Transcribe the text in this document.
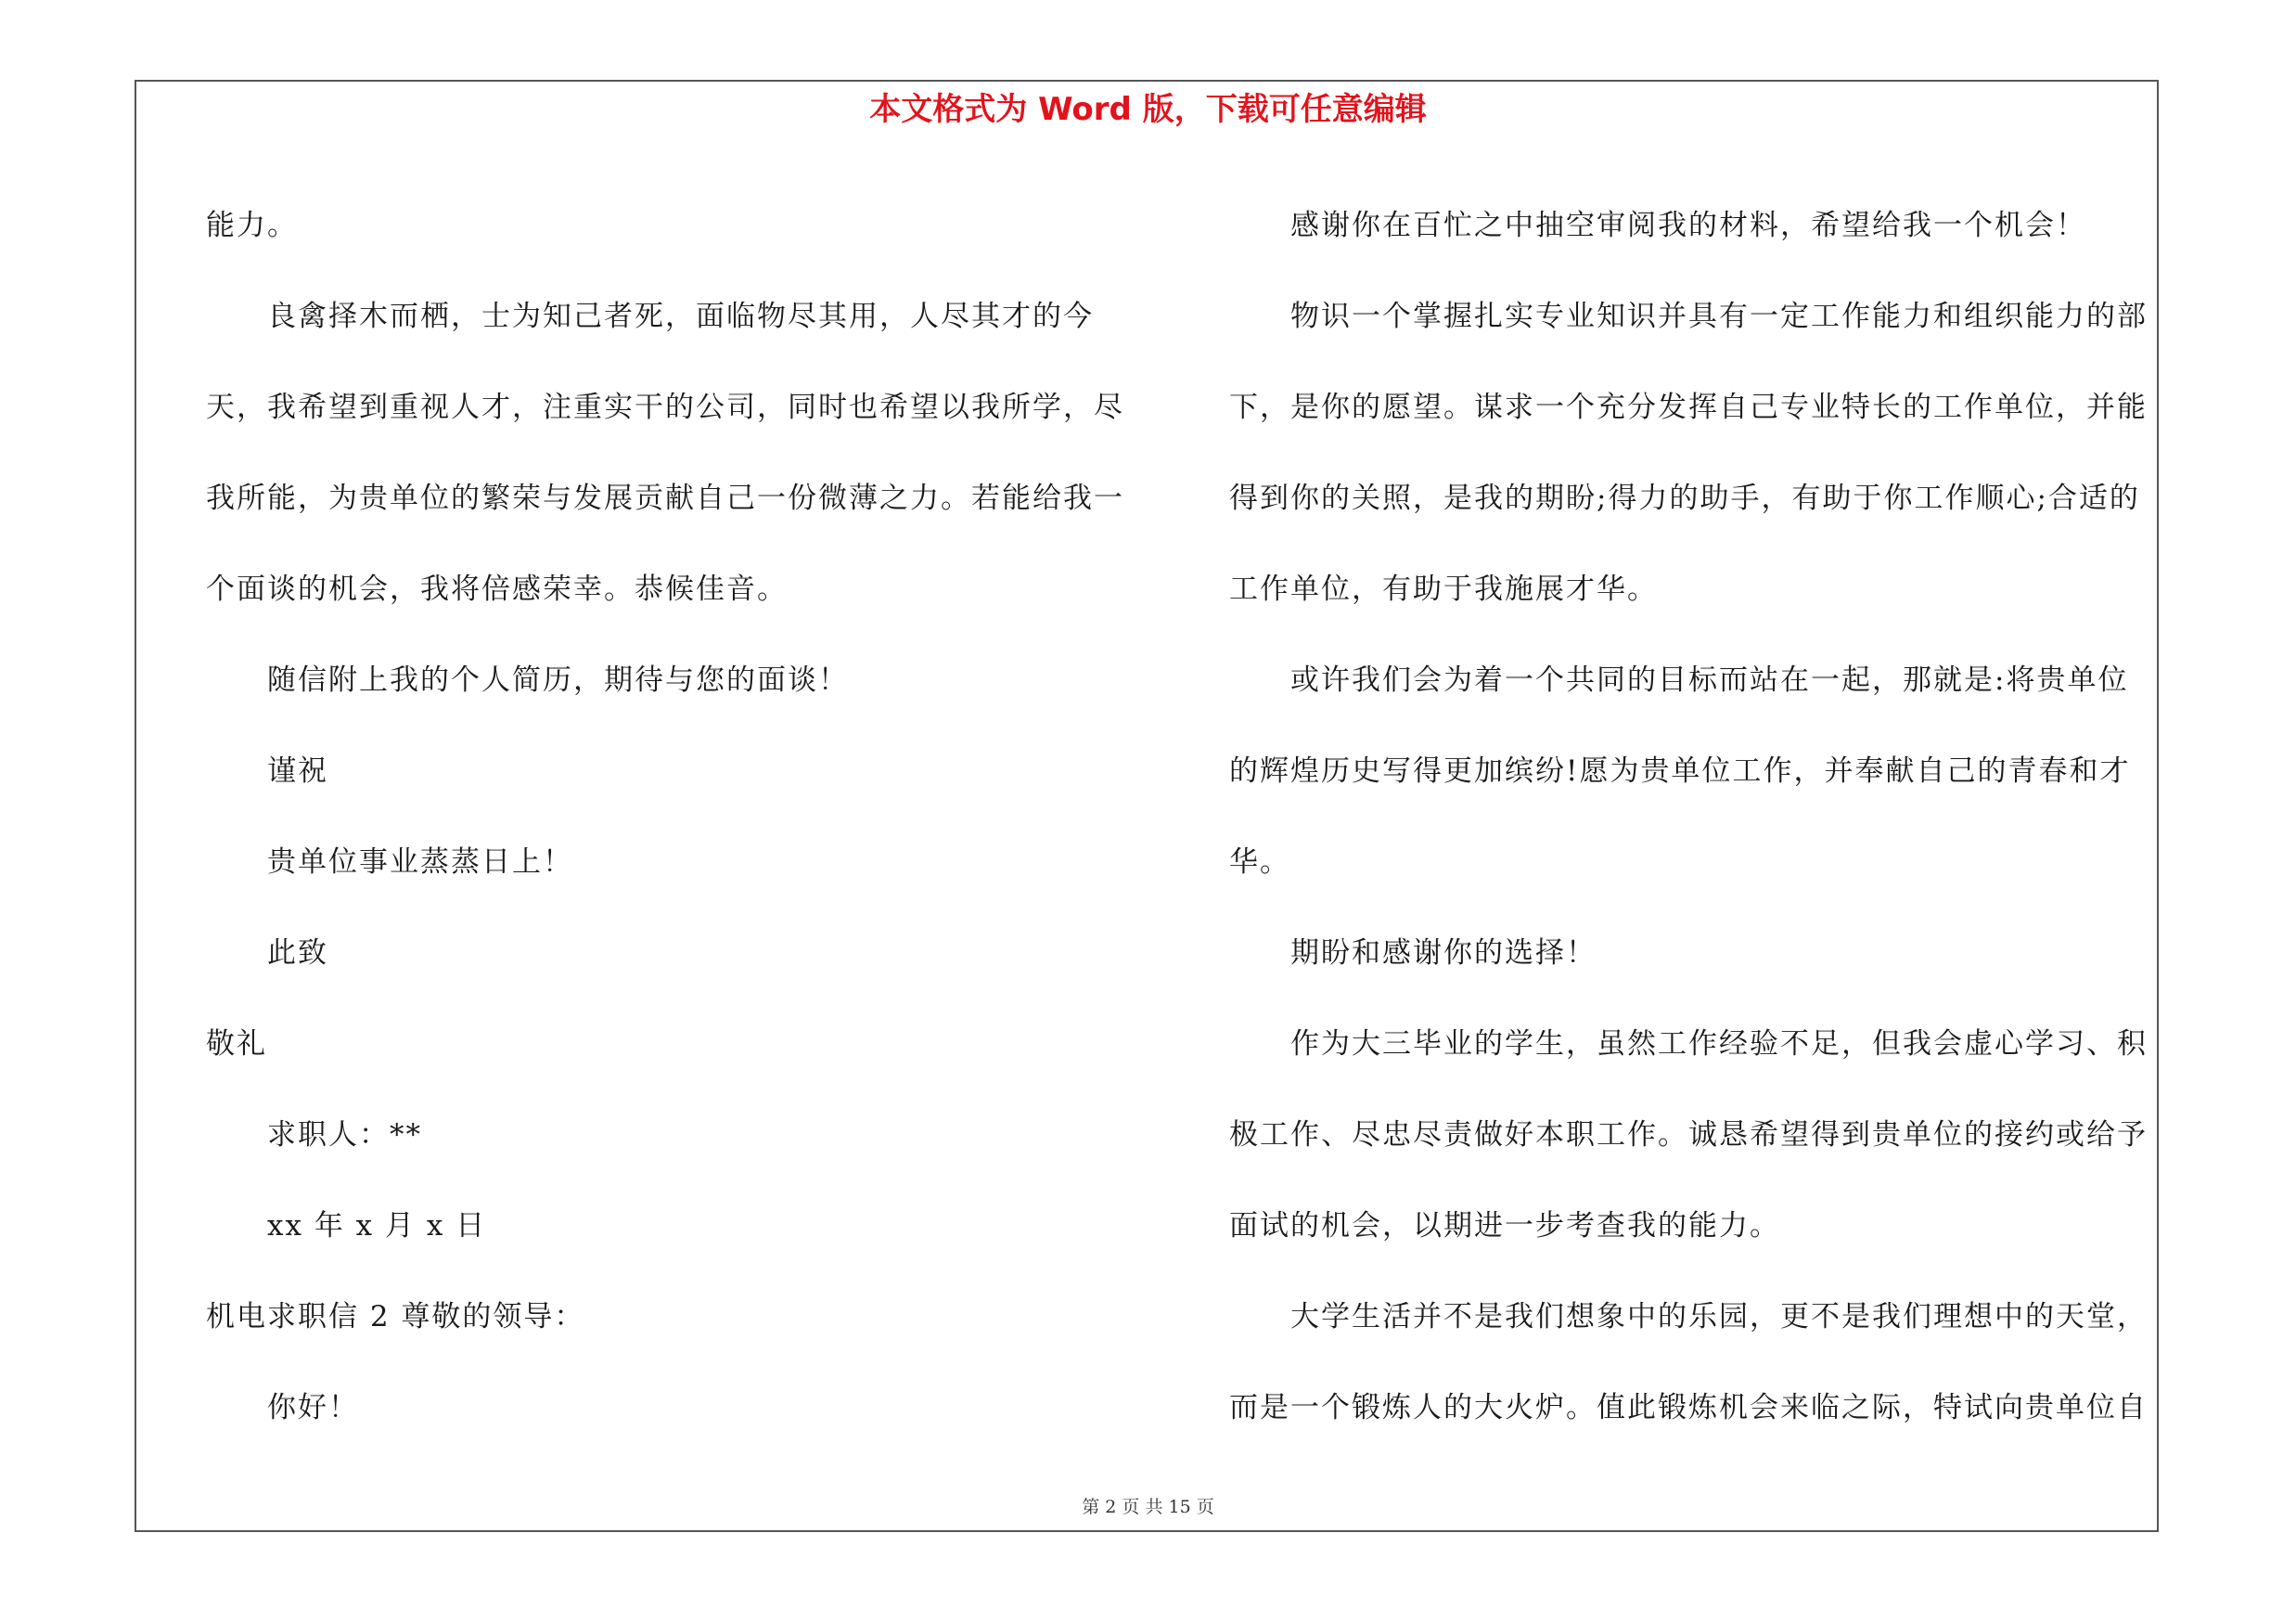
本文格式为 Word 版，下载可任意编辑

能力。

良禽择木而栖，士为知己者死，面临物尽其用，人尽其才的今天，我希望到重视人才，注重实干的公司，同时也希望以我所学，尽我所能，为贵单位的繁荣与发展贡献自己一份微薄之力。若能给我一个面谈的机会，我将倍感荣幸。恭候佳音。

随信附上我的个人简历，期待与您的面谈！

谨祝

贵单位事业蒸蒸日上！

此致

敬礼

求职人：**

xx 年 x 月 x 日

机电求职信 2 尊敬的领导：

你好！

感谢你在百忙之中抽空审阅我的材料，希望给我一个机会！

物识一个掌握扎实专业知识并具有一定工作能力和组织能力的部下，是你的愿望。谋求一个充分发挥自己专业特长的工作单位，并能得到你的关照，是我的期盼;得力的助手，有助于你工作顺心;合适的工作单位，有助于我施展才华。

或许我们会为着一个共同的目标而站在一起，那就是:将贵单位的辉煌历史写得更加缤纷!愿为贵单位工作，并奉献自己的青春和才华。

期盼和感谢你的选择！

作为大三毕业的学生，虽然工作经验不足，但我会虚心学习、积极工作、尽忠尽责做好本职工作。诚恳希望得到贵单位的接约或给予面试的机会，以期进一步考查我的能力。

大学生活并不是我们想象中的乐园，更不是我们理想中的天堂，而是一个锻炼人的大火炉。值此锻炼机会来临之际，特试向贵单位自

第 2 页 共 15 页
